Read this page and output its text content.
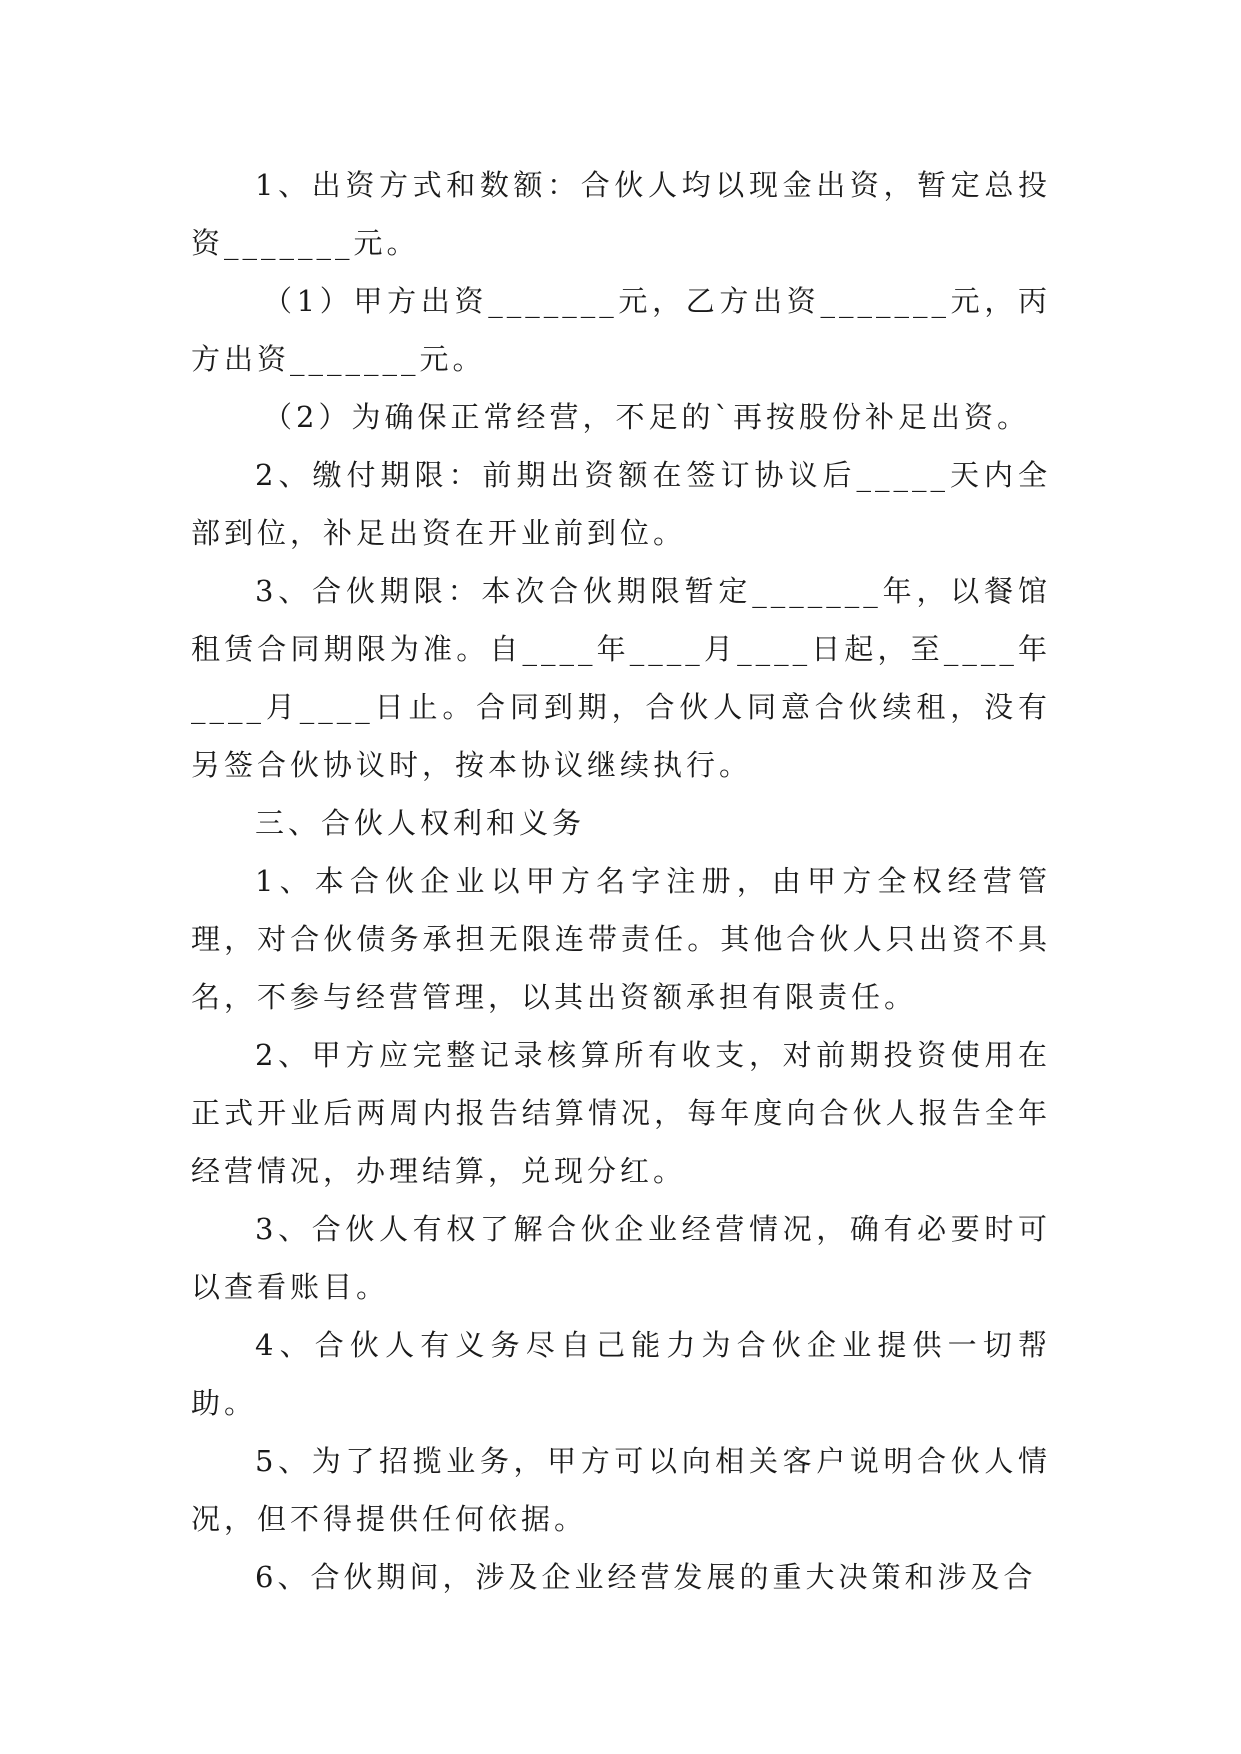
1、出资方式和数额：合伙人均以现金出资，暂定总投资_______元。

（1）甲方出资_______元，乙方出资_______元，丙方出资_______元。

（2）为确保正常经营，不足的`再按股份补足出资。

2、缴付期限：前期出资额在签订协议后_____天内全部到位，补足出资在开业前到位。

3、合伙期限：本次合伙期限暂定_______年，以餐馆租赁合同期限为准。自____年____月____日起，至____年____月____日止。合同到期，合伙人同意合伙续租，没有另签合伙协议时，按本协议继续执行。

三、合伙人权利和义务

1、本合伙企业以甲方名字注册，由甲方全权经营管理，对合伙债务承担无限连带责任。其他合伙人只出资不具名，不参与经营管理，以其出资额承担有限责任。

2、甲方应完整记录核算所有收支，对前期投资使用在正式开业后两周内报告结算情况，每年度向合伙人报告全年经营情况，办理结算，兑现分红。

3、合伙人有权了解合伙企业经营情况，确有必要时可以查看账目。

4、合伙人有义务尽自己能力为合伙企业提供一切帮助。

5、为了招揽业务，甲方可以向相关客户说明合伙人情况，但不得提供任何依据。

6、合伙期间，涉及企业经营发展的重大决策和涉及合
